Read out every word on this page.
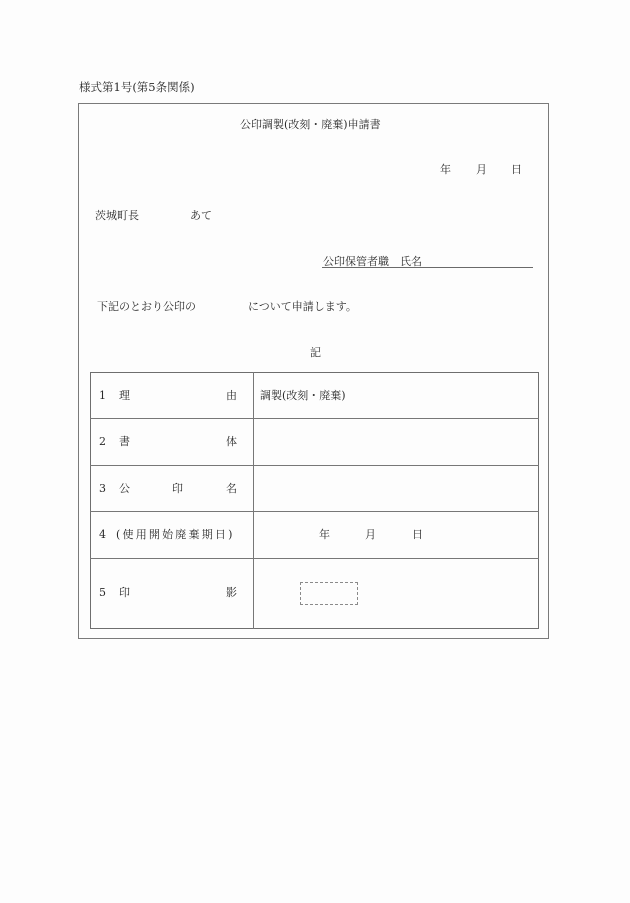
様式第1号(第5条関係)
公印調製(改刻・廃棄)申請書
年 月 日
茨城町長	あて
公印保管者職　氏名
下記のとおり公印の	について申請します。
記
1 理	由 調製(改刻・廃棄)
2 書	体
3 公	印	名
4 (使用開始廃棄期日)	年	月	日
5 印	影
